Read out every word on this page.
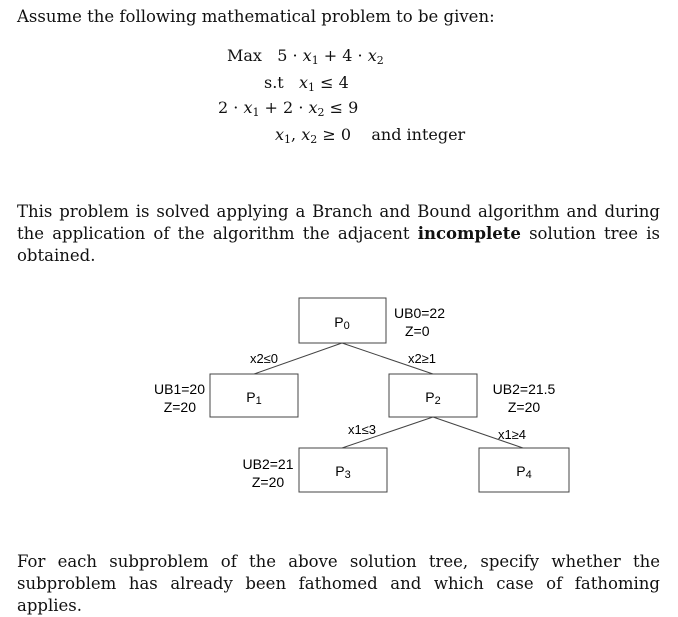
Assume the following mathematical problem to be given:

Max $5 \cdot x_1 + 4 \cdot x_2$
s.t $x_1 \le 4$
$2 \cdot x_1 + 2 \cdot x_2 \le 9$
$x_1$, $x_2 \ge 0$ and integer

This problem is solved applying a Branch and Bound algorithm and during the application of the algorithm the adjacent incomplete solution tree is obtained.

P0
P1	P2
P3	P4
UB0=22
Z=0
UB1=20
Z=20
UB2=21.5
Z=20
UB2=21
Z=20
x2≤0	x2≥1
x1≤3	x1≥4

For each subproblem of the above solution tree, specify whether the subproblem has already been fathomed and which case of fathoming applies.
